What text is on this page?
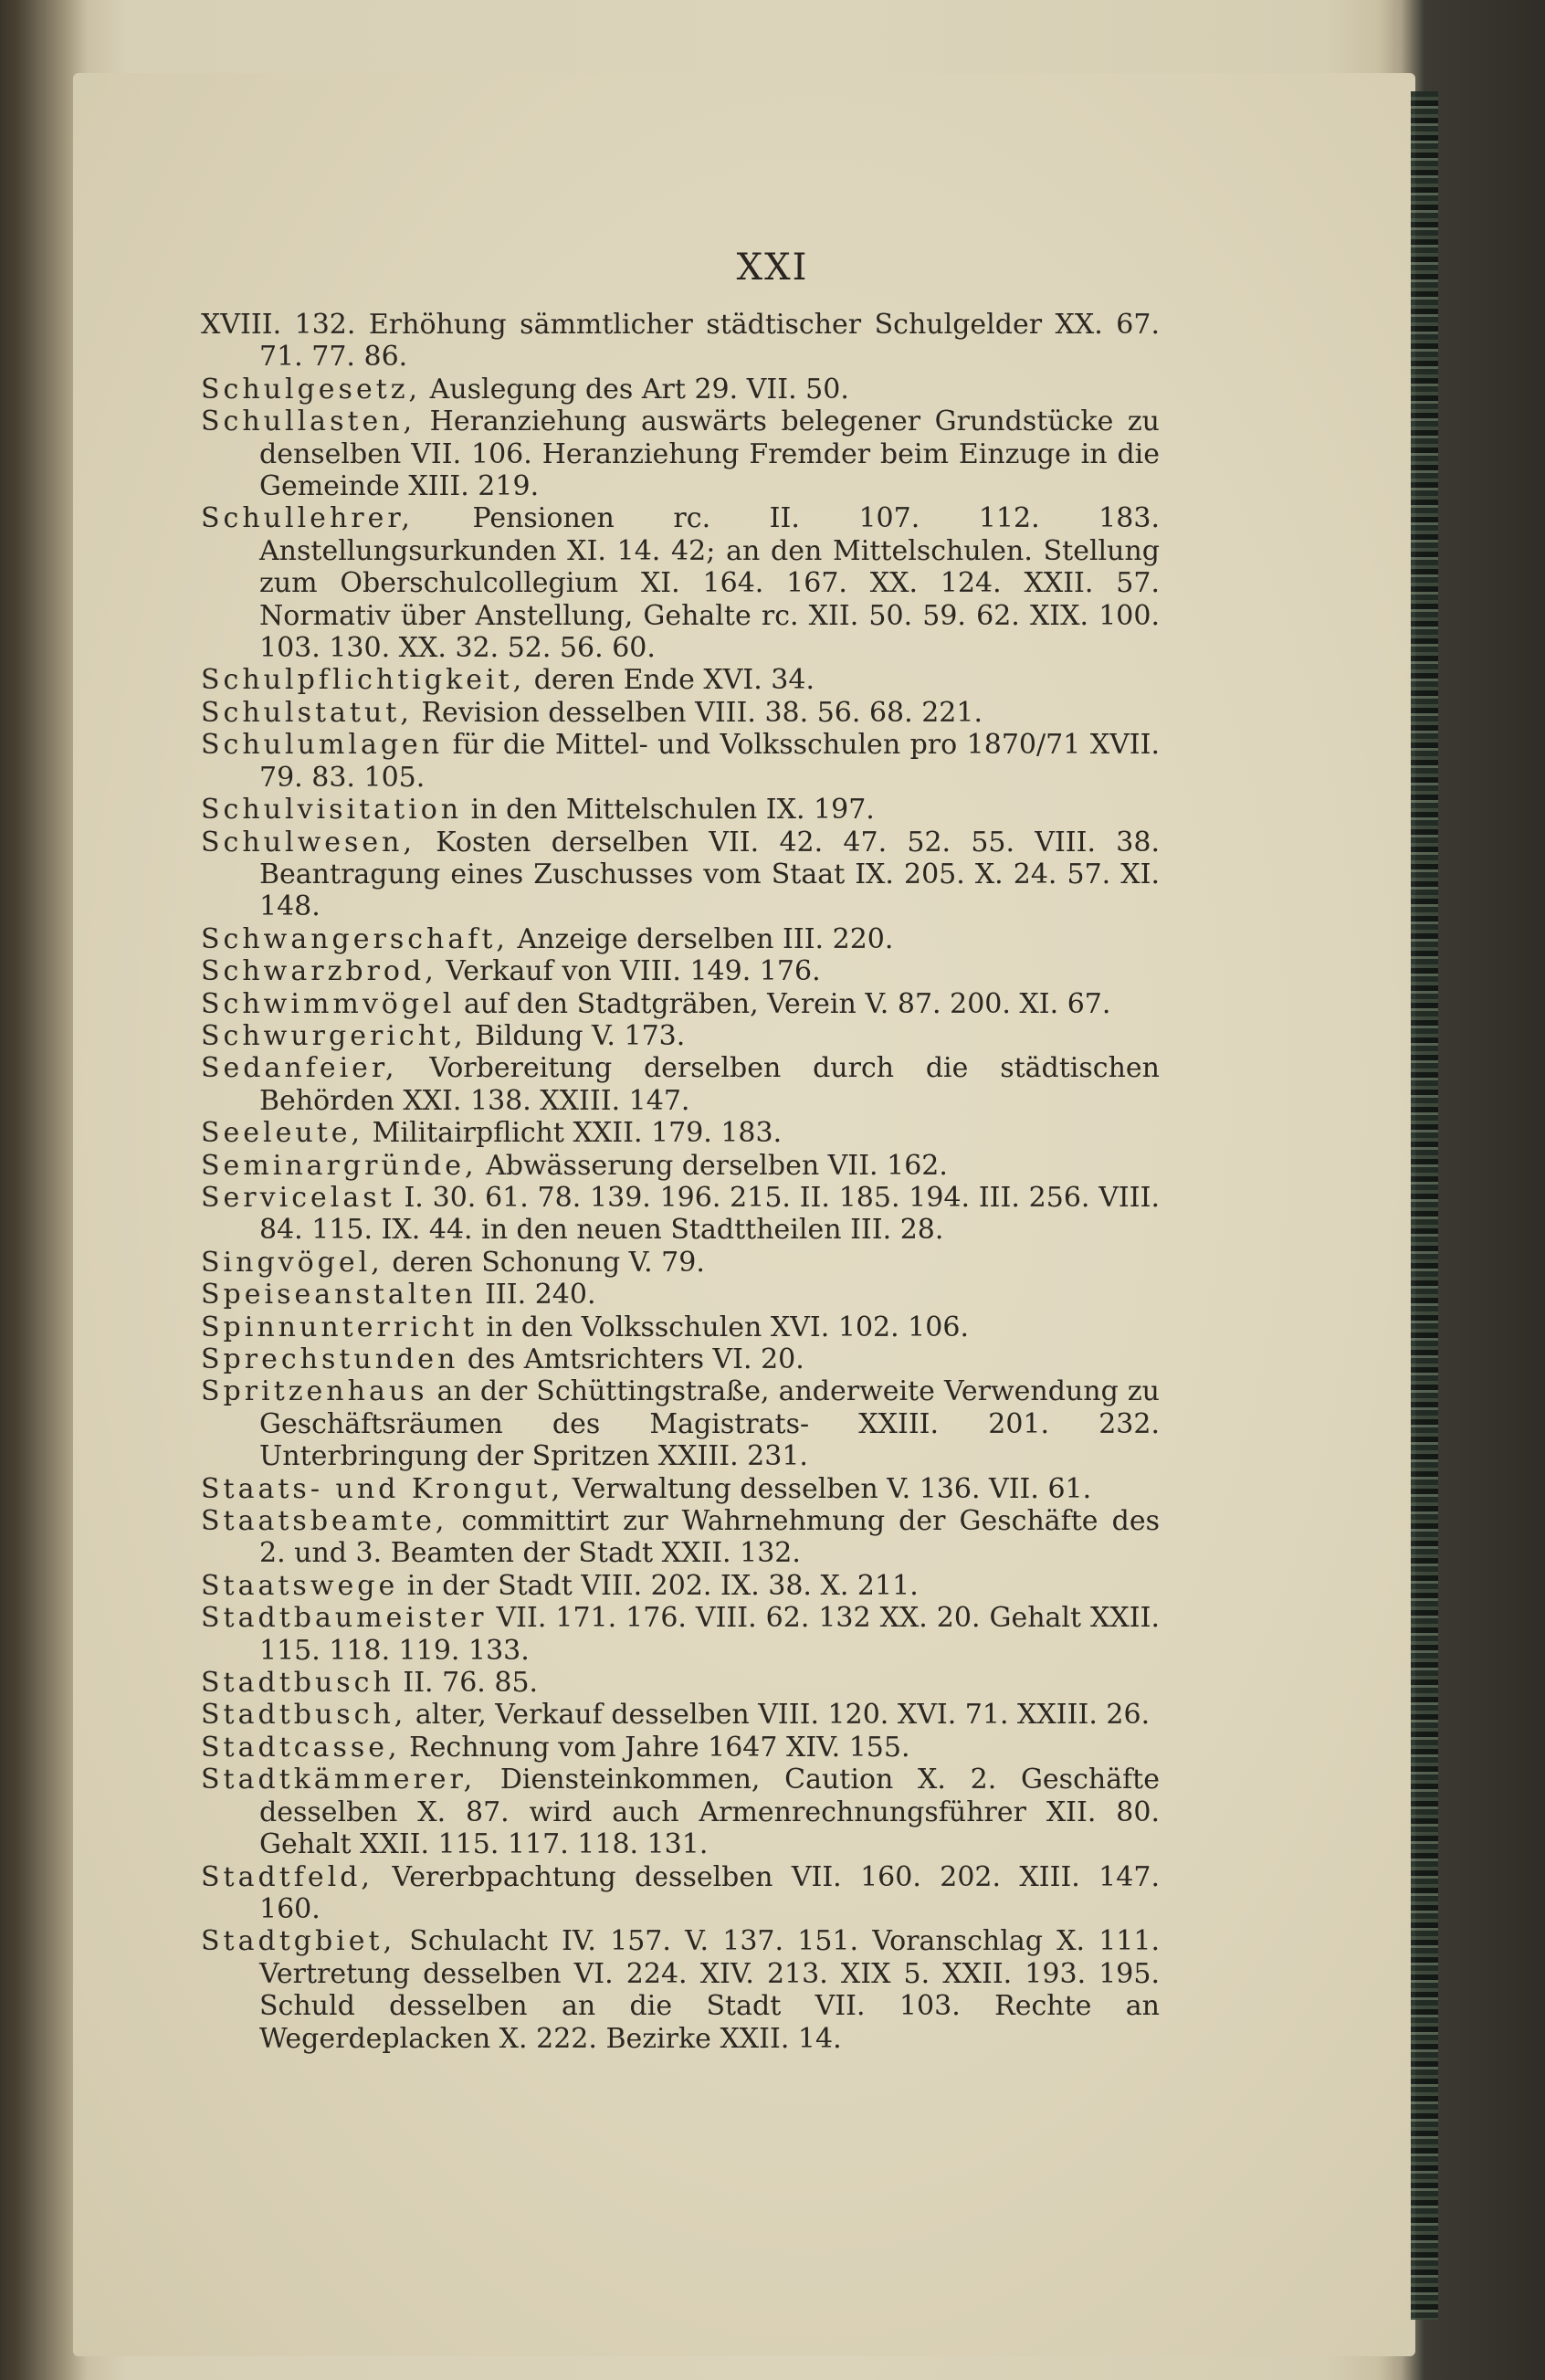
XXI

XVIII. 132. Erhöhung sämmtlicher städtischer Schulgelder XX. 67. 71. 77. 86.

Schulgesetz, Auslegung des Art 29. VII. 50.

Schullasten, Heranziehung auswärts belegener Grundstücke zu denselben VII. 106. Heranziehung Fremder beim Einzuge in die Gemeinde XIII. 219.

Schullehrer, Pensionen rc. II. 107. 112. 183. Anstellungsurkunden XI. 14. 42; an den Mittelschulen. Stellung zum Oberschulcollegium XI. 164. 167. XX. 124. XXII. 57. Normativ über Anstellung, Gehalte rc. XII. 50. 59. 62. XIX. 100. 103. 130. XX. 32. 52. 56. 60.

Schulpflichtigkeit, deren Ende XVI. 34.

Schulstatut, Revision desselben VIII. 38. 56. 68. 221.

Schulumlagen für die Mittel- und Volksschulen pro 1870/71 XVII. 79. 83. 105.

Schulvisitation in den Mittelschulen IX. 197.

Schulwesen, Kosten derselben VII. 42. 47. 52. 55. VIII. 38. Beantragung eines Zuschusses vom Staat IX. 205. X. 24. 57. XI. 148.

Schwangerschaft, Anzeige derselben III. 220.

Schwarzbrod, Verkauf von VIII. 149. 176.

Schwimmvögel auf den Stadtgräben, Verein V. 87. 200. XI. 67.

Schwurgericht, Bildung V. 173.

Sedanfeier, Vorbereitung derselben durch die städtischen Behörden XXI. 138. XXIII. 147.

Seeleute, Militairpflicht XXII. 179. 183.

Seminargründe, Abwässerung derselben VII. 162.

Servicelast I. 30. 61. 78. 139. 196. 215. II. 185. 194. III. 256. VIII. 84. 115. IX. 44. in den neuen Stadttheilen III. 28.

Singvögel, deren Schonung V. 79.

Speiseanstalten III. 240.

Spinnunterricht in den Volksschulen XVI. 102. 106.

Sprechstunden des Amtsrichters VI. 20.

Spritzenhaus an der Schüttingstraße, anderweite Verwendung zu Geschäftsräumen des Magistrats- XXIII. 201. 232. Unterbringung der Spritzen XXIII. 231.

Staats- und Krongut, Verwaltung desselben V. 136. VII. 61.

Staatsbeamte, committirt zur Wahrnehmung der Geschäfte des 2. und 3. Beamten der Stadt XXII. 132.

Staatswege in der Stadt VIII. 202. IX. 38. X. 211.

Stadtbaumeister VII. 171. 176. VIII. 62. 132 XX. 20. Gehalt XXII. 115. 118. 119. 133.

Stadtbusch II. 76. 85.

Stadtbusch, alter, Verkauf desselben VIII. 120. XVI. 71. XXIII. 26.

Stadtcasse, Rechnung vom Jahre 1647 XIV. 155.

Stadtkämmerer, Diensteinkommen, Caution X. 2. Geschäfte desselben X. 87. wird auch Armenrechnungsführer XII. 80. Gehalt XXII. 115. 117. 118. 131.

Stadtfeld, Vererbpachtung desselben VII. 160. 202. XIII. 147. 160.

Stadtgbiet, Schulacht IV. 157. V. 137. 151. Voranschlag X. 111. Vertretung desselben VI. 224. XIV. 213. XIX 5. XXII. 193. 195. Schuld desselben an die Stadt VII. 103. Rechte an Wegerdeplacken X. 222. Bezirke XXII. 14.
